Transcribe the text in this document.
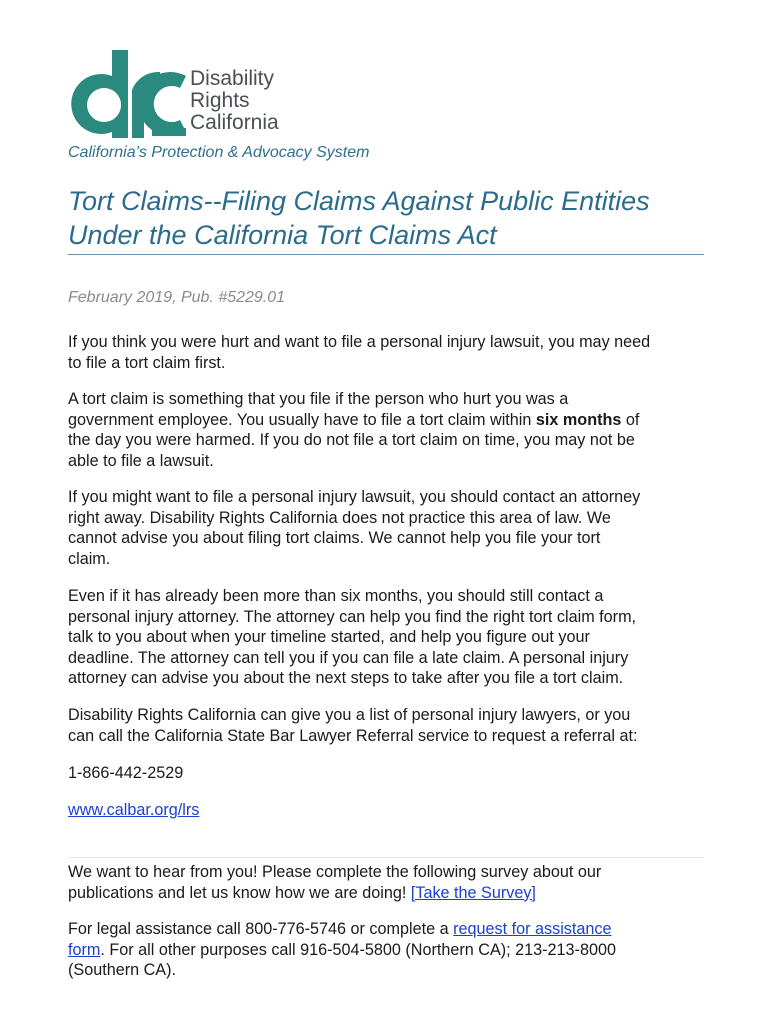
Disability
Rights
California
California’s Protection & Advocacy System
Tort Claims--Filing Claims Against Public Entities
Under the California Tort Claims Act
February 2019, Pub. #5229.01
If you think you were hurt and want to file a personal injury lawsuit, you may need
to file a tort claim first.
A tort claim is something that you file if the person who hurt you was a
government employee. You usually have to file a tort claim within six months of
the day you were harmed. If you do not file a tort claim on time, you may not be
able to file a lawsuit.
If you might want to file a personal injury lawsuit, you should contact an attorney
right away. Disability Rights California does not practice this area of law. We
cannot advise you about filing tort claims. We cannot help you file your tort
claim.
Even if it has already been more than six months, you should still contact a
personal injury attorney. The attorney can help you find the right tort claim form,
talk to you about when your timeline started, and help you figure out your
deadline. The attorney can tell you if you can file a late claim. A personal injury
attorney can advise you about the next steps to take after you file a tort claim.
Disability Rights California can give you a list of personal injury lawyers, or you
can call the California State Bar Lawyer Referral service to request a referral at:
1-866-442-2529
www.calbar.org/lrs
We want to hear from you! Please complete the following survey about our
publications and let us know how we are doing! [Take the Survey]
For legal assistance call 800-776-5746 or complete a request for assistance
form. For all other purposes call 916-504-5800 (Northern CA); 213-213-8000
(Southern CA).
